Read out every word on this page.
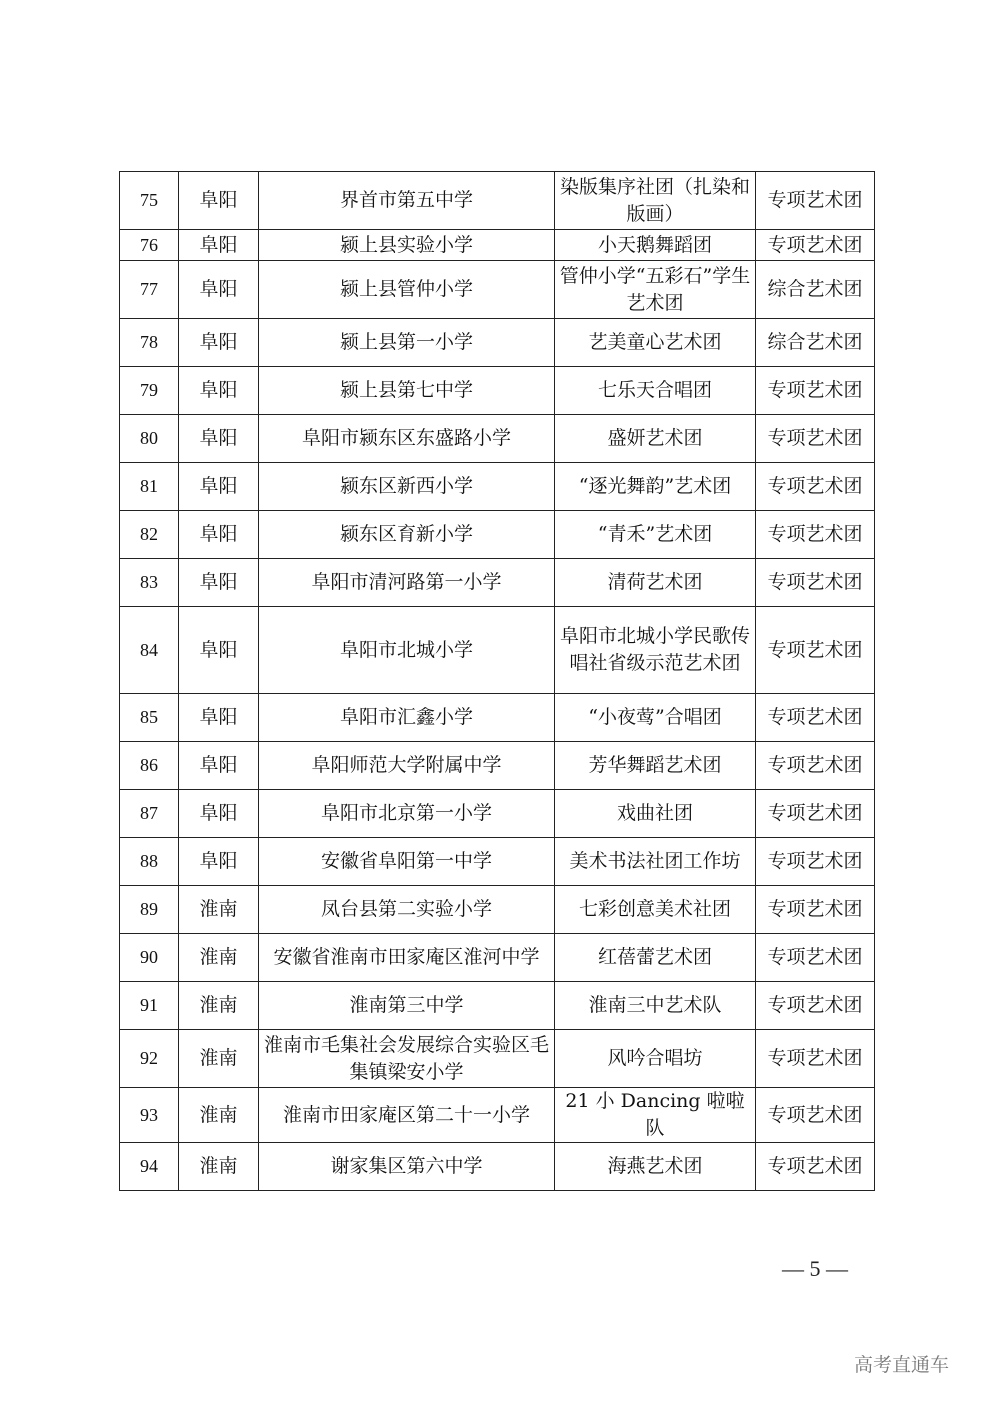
75	阜阳	界首市第五中学	染版集序社团（扎染和版画）	专项艺术团
76	阜阳	颍上县实验小学	小天鹅舞蹈团	专项艺术团
77	阜阳	颍上县管仲小学	管仲小学“五彩石”学生艺术团	综合艺术团
78	阜阳	颍上县第一小学	艺美童心艺术团	综合艺术团
79	阜阳	颍上县第七中学	七乐天合唱团	专项艺术团
80	阜阳	阜阳市颍东区东盛路小学	盛妍艺术团	专项艺术团
81	阜阳	颍东区新西小学	“逐光舞韵”艺术团	专项艺术团
82	阜阳	颍东区育新小学	“青禾”艺术团	专项艺术团
83	阜阳	阜阳市清河路第一小学	清荷艺术团	专项艺术团
84	阜阳	阜阳市北城小学	阜阳市北城小学民歌传唱社省级示范艺术团	专项艺术团
85	阜阳	阜阳市汇鑫小学	“小夜莺”合唱团	专项艺术团
86	阜阳	阜阳师范大学附属中学	芳华舞蹈艺术团	专项艺术团
87	阜阳	阜阳市北京第一小学	戏曲社团	专项艺术团
88	阜阳	安徽省阜阳第一中学	美术书法社团工作坊	专项艺术团
89	淮南	凤台县第二实验小学	七彩创意美术社团	专项艺术团
90	淮南	安徽省淮南市田家庵区淮河中学	红蓓蕾艺术团	专项艺术团
91	淮南	淮南第三中学	淮南三中艺术队	专项艺术团
92	淮南	淮南市毛集社会发展综合实验区毛集镇梁安小学	风吟合唱坊	专项艺术团
93	淮南	淮南市田家庵区第二十一小学	21 小 Dancing 啦啦队	专项艺术团
94	淮南	谢家集区第六中学	海燕艺术团	专项艺术团
— 5 —
高考直通车
